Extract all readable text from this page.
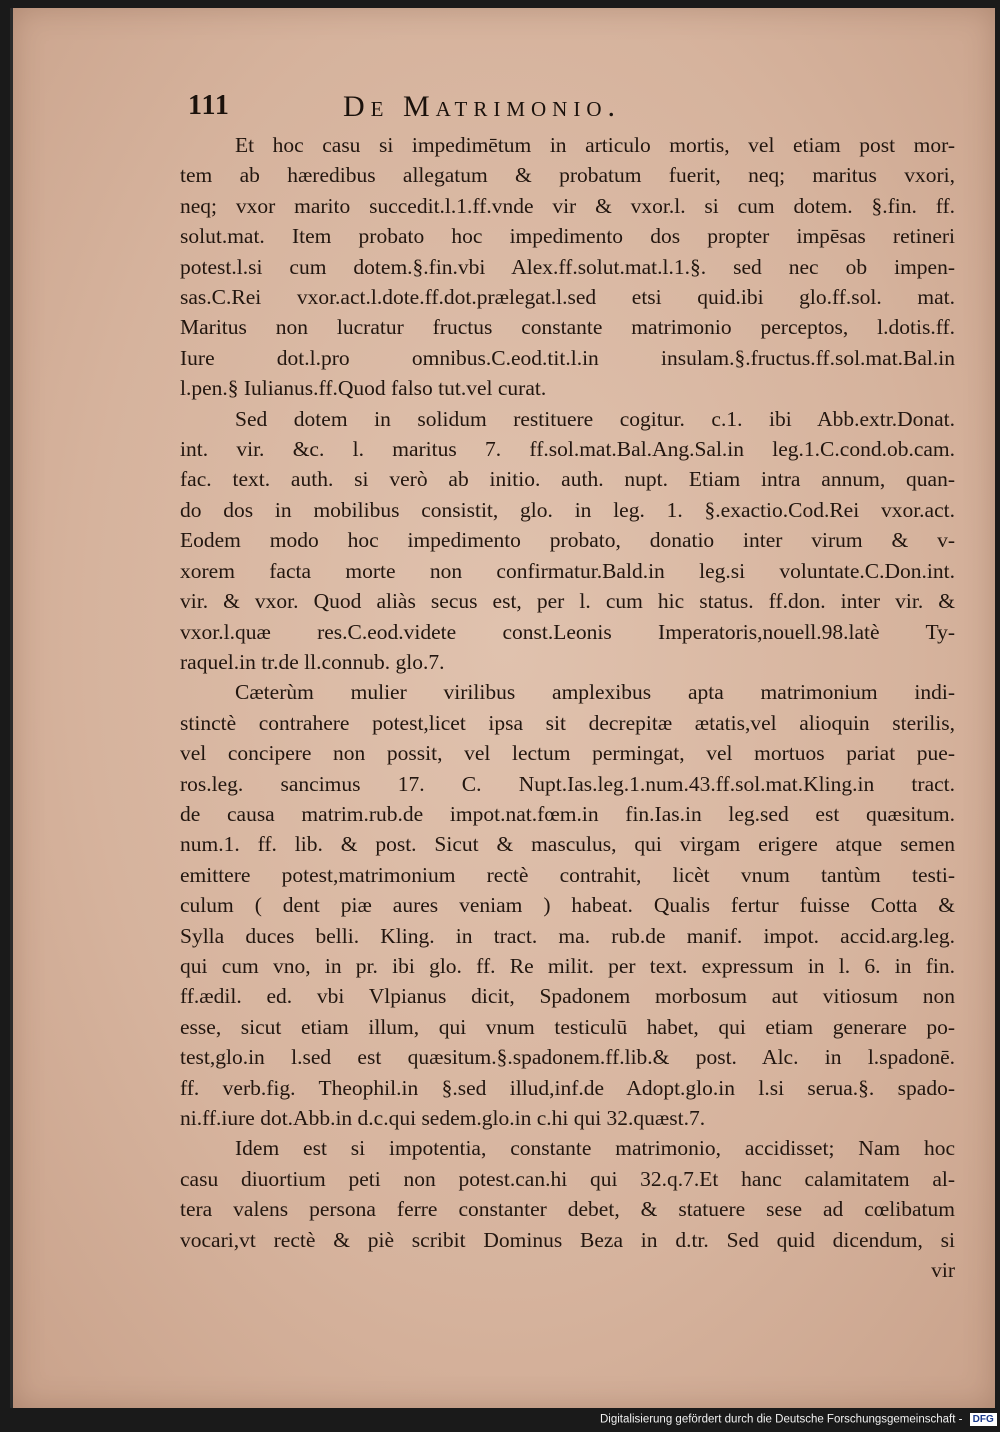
111	De Matrimonio.
Et hoc casu si impedimētum in articulo mortis, vel etiam post mor-
tem ab hæredibus allegatum & probatum fuerit, neq; maritus vxori,
neq; vxor marito succedit.l.1.ff.vnde vir & vxor.l. si cum dotem. §.fin. ff.
solut.mat. Item probato hoc impedimento dos propter impēsas retineri
potest.l.si cum dotem.§.fin.vbi Alex.ff.solut.mat.l.1.§. sed nec ob impen-
sas.C.Rei vxor.act.l.dote.ff.dot.prælegat.l.sed etsi quid.ibi glo.ff.sol. mat.
Maritus non lucratur fructus constante matrimonio perceptos, l.dotis.ff.
Iure dot.l.pro omnibus.C.eod.tit.l.in insulam.§.fructus.ff.sol.mat.Bal.in
l.pen.§ Iulianus.ff.Quod falso tut.vel curat.
Sed dotem in solidum restituere cogitur. c.1. ibi Abb.extr.Donat.
int. vir. &c. l. maritus 7. ff.sol.mat.Bal.Ang.Sal.in leg.1.C.cond.ob.cam.
fac. text. auth. si verò ab initio. auth. nupt. Etiam intra annum, quan-
do dos in mobilibus consistit, glo. in leg. 1. §.exactio.Cod.Rei vxor.act.
Eodem modo hoc impedimento probato, donatio inter virum & v-
xorem facta morte non confirmatur.Bald.in leg.si voluntate.C.Don.int.
vir. & vxor. Quod aliàs secus est, per l. cum hic status. ff.don. inter vir. &
vxor.l.quæ res.C.eod.videte const.Leonis Imperatoris,nouell.98.latè Ty-
raquel.in tr.de ll.connub. glo.7.
Cæterùm mulier virilibus amplexibus apta matrimonium indi-
stinctè contrahere potest,licet ipsa sit decrepitæ ætatis,vel alioquin sterilis,
vel concipere non possit, vel lectum permingat, vel mortuos pariat pue-
ros.leg. sancimus 17. C. Nupt.Ias.leg.1.num.43.ff.sol.mat.Kling.in tract.
de causa matrim.rub.de impot.nat.fœm.in fin.Ias.in leg.sed est quæsitum.
num.1. ff. lib. & post. Sicut & masculus, qui virgam erigere atque semen
emittere potest,matrimonium rectè contrahit, licèt vnum tantùm testi-
culum ( dent piæ aures veniam ) habeat. Qualis fertur fuisse Cotta &
Sylla duces belli. Kling. in tract. ma. rub.de manif. impot. accid.arg.leg.
qui cum vno, in pr. ibi glo. ff. Re milit. per text. expressum in l. 6. in fin.
ff.ædil. ed. vbi Vlpianus dicit, Spadonem morbosum aut vitiosum non
esse, sicut etiam illum, qui vnum testiculū habet, qui etiam generare po-
test,glo.in l.sed est quæsitum.§.spadonem.ff.lib.& post. Alc. in l.spadonē.
ff. verb.fig. Theophil.in §.sed illud,inf.de Adopt.glo.in l.si serua.§. spado-
ni.ff.iure dot.Abb.in d.c.qui sedem.glo.in c.hi qui 32.quæst.7.
Idem est si impotentia, constante matrimonio, accidisset; Nam hoc
casu diuortium peti non potest.can.hi qui 32.q.7.Et hanc calamitatem al-
tera valens persona ferre constanter debet, & statuere sese ad cœlibatum
vocari,vt rectè & piè scribit Dominus Beza in d.tr. Sed quid dicendum, si
vir
Digitalisierung gefördert durch die Deutsche Forschungsgemeinschaft - DFG
